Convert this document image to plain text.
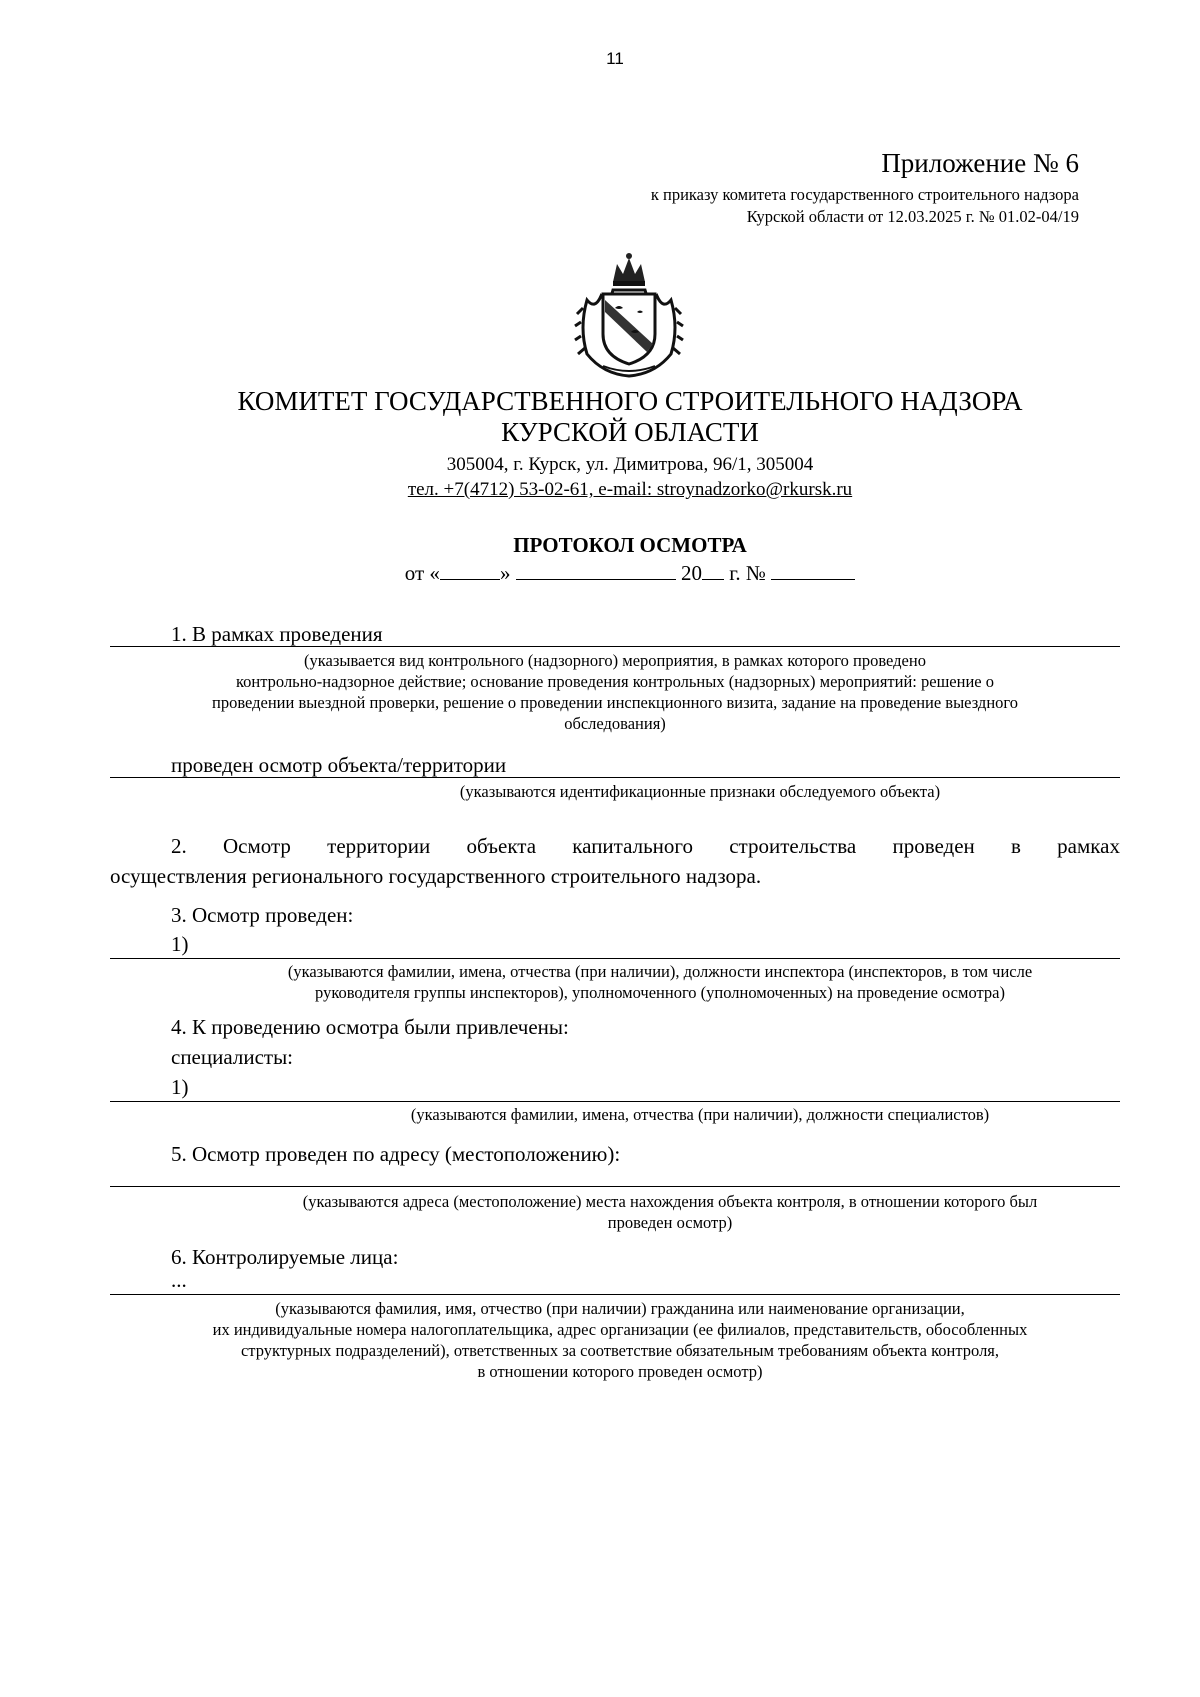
11
Приложение № 6
к приказу комитета государственного строительного надзора
Курской области от 12.03.2025 г. № 01.02-04/19
КОМИТЕТ ГОСУДАРСТВЕННОГО СТРОИТЕЛЬНОГО НАДЗОРА
КУРСКОЙ ОБЛАСТИ
305004, г. Курск, ул. Димитрова, 96/1, 305004
тел. +7(4712) 53-02-61, e-mail: stroynadzorko@rkursk.ru
ПРОТОКОЛ ОСМОТРА
от «	»	20 г. №
1. В рамках проведения
(указывается вид контрольного (надзорного) мероприятия, в рамках которого проведено
контрольно-надзорное действие; основание проведения контрольных (надзорных) мероприятий: решение о
проведении выездной проверки, решение о проведении инспекционного визита, задание на проведение выездного
обследования)
проведен осмотр объекта/территории
(указываются идентификационные признаки обследуемого объекта)
2. Осмотр территории объекта капитального строительства проведен в рамках
осуществления регионального государственного строительного надзора.
3. Осмотр проведен:
1)
(указываются фамилии, имена, отчества (при наличии), должности инспектора (инспекторов, в том числе
руководителя группы инспекторов), уполномоченного (уполномоченных) на проведение осмотра)
4. К проведению осмотра были привлечены:
специалисты:
1)
(указываются фамилии, имена, отчества (при наличии), должности специалистов)
5. Осмотр проведен по адресу (местоположению):
(указываются адреса (местоположение) места нахождения объекта контроля, в отношении которого был
проведен осмотр)
6. Контролируемые лица:
...
(указываются фамилия, имя, отчество (при наличии) гражданина или наименование организации,
их индивидуальные номера налогоплательщика, адрес организации (ее филиалов, представительств, обособленных
структурных подразделений), ответственных за соответствие обязательным требованиям объекта контроля,
в отношении которого проведен осмотр)
